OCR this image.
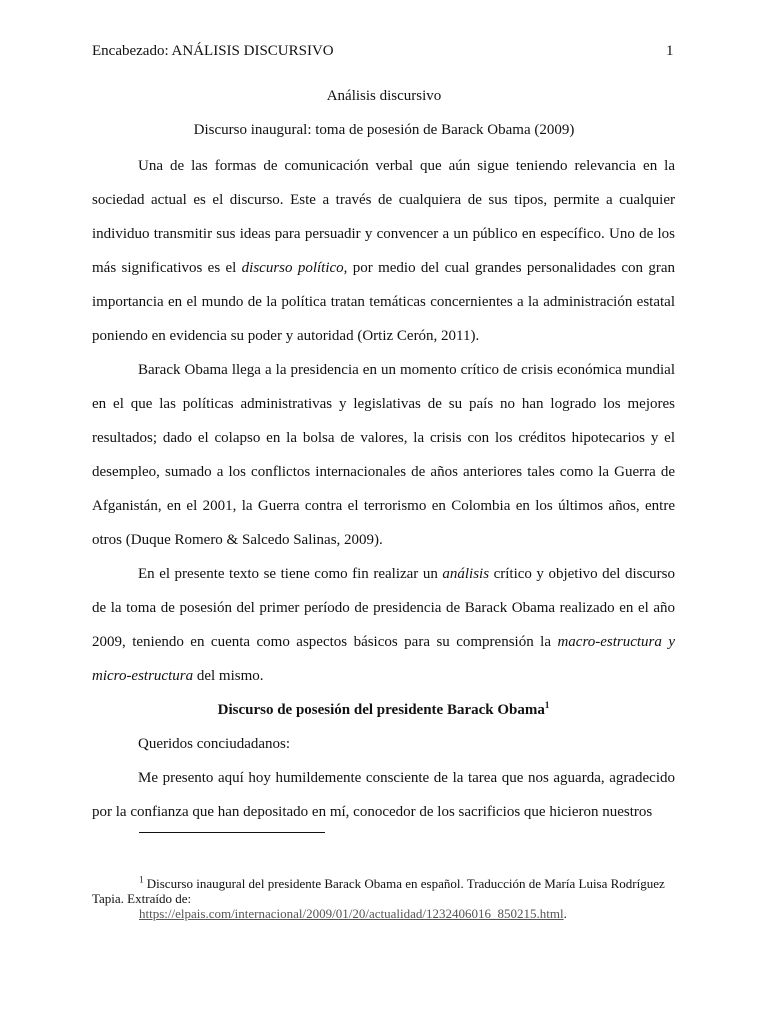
Encabezado: ANÁLISIS DISCURSIVO	1
Análisis discursivo
Discurso inaugural: toma de posesión de Barack Obama (2009)

Una de las formas de comunicación verbal que aún sigue teniendo relevancia en la sociedad actual es el discurso. Este a través de cualquiera de sus tipos, permite a cualquier individuo transmitir sus ideas para persuadir y convencer a un público en específico. Uno de los más significativos es el discurso político, por medio del cual grandes personalidades con gran importancia en el mundo de la política tratan temáticas concernientes a la administración estatal poniendo en evidencia su poder y autoridad (Ortiz Cerón, 2011).

Barack Obama llega a la presidencia en un momento crítico de crisis económica mundial en el que las políticas administrativas y legislativas de su país no han logrado los mejores resultados; dado el colapso en la bolsa de valores, la crisis con los créditos hipotecarios y el desempleo, sumado a los conflictos internacionales de años anteriores tales como la Guerra de Afganistán, en el 2001, la Guerra contra el terrorismo en Colombia en los últimos años, entre otros (Duque Romero & Salcedo Salinas, 2009).

En el presente texto se tiene como fin realizar un análisis crítico y objetivo del discurso de la toma de posesión del primer período de presidencia de Barack Obama realizado en el año 2009, teniendo en cuenta como aspectos básicos para su comprensión la macro-estructura y micro-estructura del mismo.

Discurso de posesión del presidente Barack Obama$^1$

Queridos conciudadanos:

Me presento aquí hoy humildemente consciente de la tarea que nos aguarda, agradecido por la confianza que han depositado en mí, conocedor de los sacrificios que hicieron nuestros

$^1$ Discurso inaugural del presidente Barack Obama en español. Traducción de María Luisa Rodríguez Tapia. Extraído de:
https://elpais.com/internacional/2009/01/20/actualidad/1232406016_850215.html.
